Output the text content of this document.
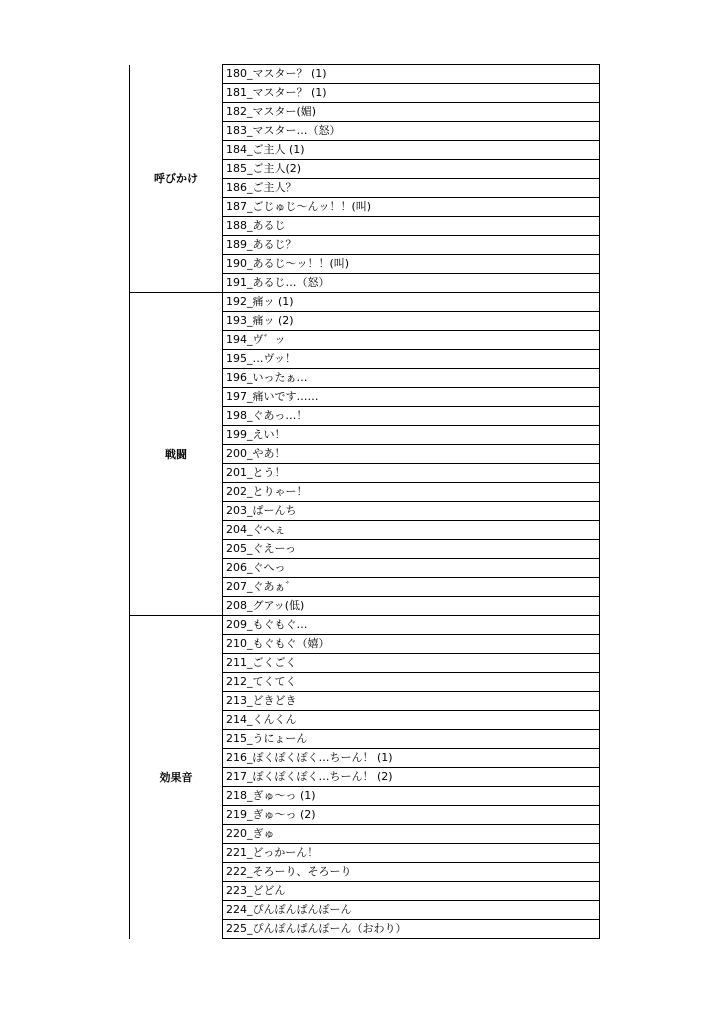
呼びかけ	180_マスター？ (1)
	181_マスター？ (1)
	182_マスター(媚)
	183_マスター…（怒）
	184_ご主人 (1)
	185_ご主人(2)
	186_ご主人？
	187_ごじゅじ～んッ！！(叫)
	188_あるじ
	189_あるじ？
	190_あるじ～ッ！！(叫)
	191_あるじ…（怒）
戦闘	192_痛ッ (1)
	193_痛ッ (2)
	194_ヴ゛ッ
	195_…ヴッ！
	196_いったぁ…
	197_痛いです……
	198_ぐあっ…！
	199_えい！
	200_やあ！
	201_とう！
	202_とりゃー！
	203_ぱーんち
	204_ぐへぇ
	205_ぐえーっ
	206_ぐへっ
	207_ぐあぁ゛
	208_グアッ(低)
効果音	209_もぐもぐ…
	210_もぐもぐ（嬉）
	211_ごくごく
	212_てくてく
	213_どきどき
	214_くんくん
	215_うにょーん
	216_ぽくぽくぽく…ちーん！ (1)
	217_ぽくぽくぽく…ちーん！ (2)
	218_ぎゅ～っ (1)
	219_ぎゅ～っ (2)
	220_ぎゅ
	221_どっかーん！
	222_そろーり、そろーり
	223_どどん
	224_ぴんぽんぱんぽーん
	225_ぴんぽんぱんぽーん（おわり）
